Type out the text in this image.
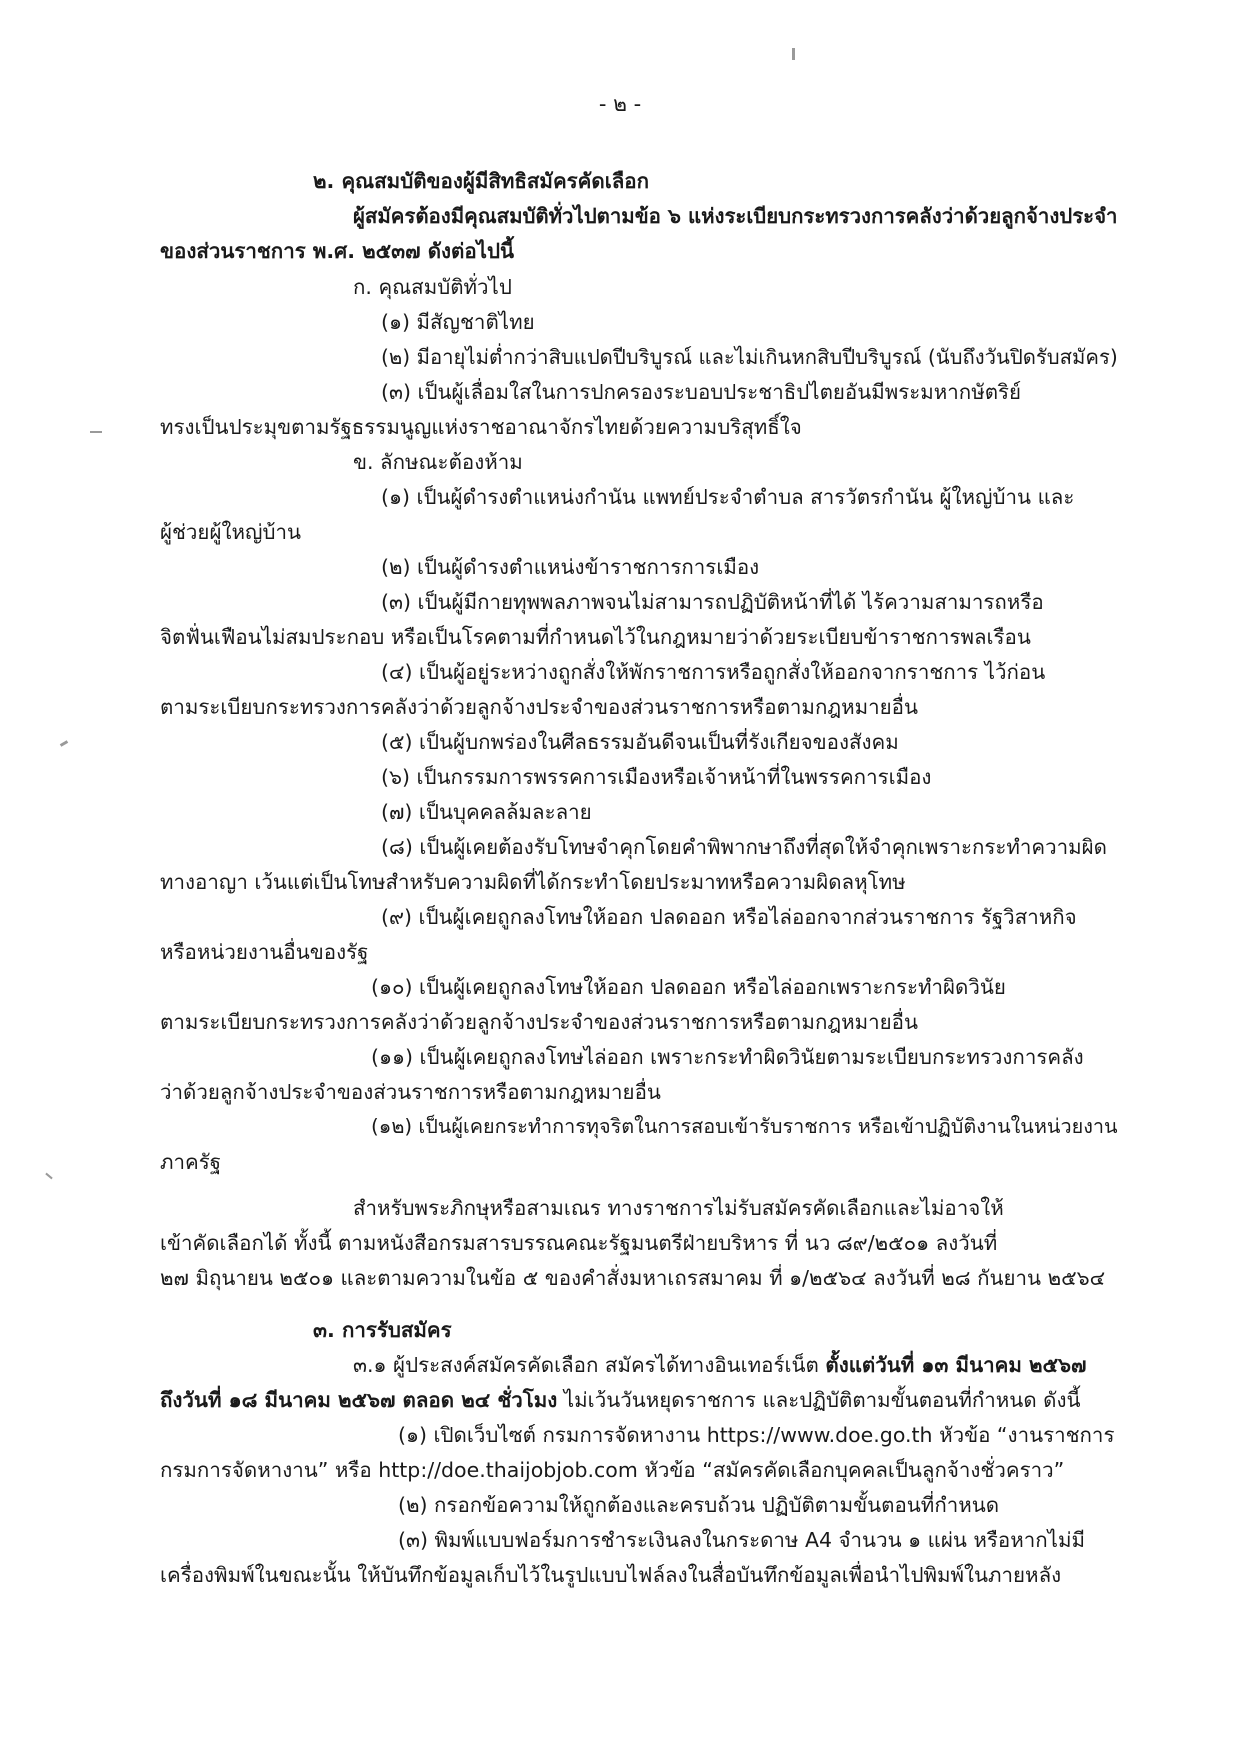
- ๒ -
๒. คุณสมบัติของผู้มีสิทธิสมัครคัดเลือก
ผู้สมัครต้องมีคุณสมบัติทั่วไปตามข้อ ๖ แห่งระเบียบกระทรวงการคลังว่าด้วยลูกจ้างประจำ
ของส่วนราชการ พ.ศ. ๒๕๓๗ ดังต่อไปนี้
ก. คุณสมบัติทั่วไป
(๑) มีสัญชาติไทย
(๒) มีอายุไม่ต่ำกว่าสิบแปดปีบริบูรณ์ และไม่เกินหกสิบปีบริบูรณ์ (นับถึงวันปิดรับสมัคร)
(๓) เป็นผู้เลื่อมใสในการปกครองระบอบประชาธิปไตยอันมีพระมหากษัตริย์
ทรงเป็นประมุขตามรัฐธรรมนูญแห่งราชอาณาจักรไทยด้วยความบริสุทธิ์ใจ
ข. ลักษณะต้องห้าม
(๑) เป็นผู้ดำรงตำแหน่งกำนัน แพทย์ประจำตำบล สารวัตรกำนัน ผู้ใหญ่บ้าน และ
ผู้ช่วยผู้ใหญ่บ้าน
(๒) เป็นผู้ดำรงตำแหน่งข้าราชการการเมือง
(๓) เป็นผู้มีกายทุพพลภาพจนไม่สามารถปฏิบัติหน้าที่ได้ ไร้ความสามารถหรือ
จิตฟั่นเฟือนไม่สมประกอบ หรือเป็นโรคตามที่กำหนดไว้ในกฎหมายว่าด้วยระเบียบข้าราชการพลเรือน
(๔) เป็นผู้อยู่ระหว่างถูกสั่งให้พักราชการหรือถูกสั่งให้ออกจากราชการ ไว้ก่อน
ตามระเบียบกระทรวงการคลังว่าด้วยลูกจ้างประจำของส่วนราชการหรือตามกฎหมายอื่น
(๕) เป็นผู้บกพร่องในศีลธรรมอันดีจนเป็นที่รังเกียจของสังคม
(๖) เป็นกรรมการพรรคการเมืองหรือเจ้าหน้าที่ในพรรคการเมือง
(๗) เป็นบุคคลล้มละลาย
(๘) เป็นผู้เคยต้องรับโทษจำคุกโดยคำพิพากษาถึงที่สุดให้จำคุกเพราะกระทำความผิด
ทางอาญา เว้นแต่เป็นโทษสำหรับความผิดที่ได้กระทำโดยประมาทหรือความผิดลหุโทษ
(๙) เป็นผู้เคยถูกลงโทษให้ออก ปลดออก หรือไล่ออกจากส่วนราชการ รัฐวิสาหกิจ
หรือหน่วยงานอื่นของรัฐ
(๑๐) เป็นผู้เคยถูกลงโทษให้ออก ปลดออก หรือไล่ออกเพราะกระทำผิดวินัย
ตามระเบียบกระทรวงการคลังว่าด้วยลูกจ้างประจำของส่วนราชการหรือตามกฎหมายอื่น
(๑๑) เป็นผู้เคยถูกลงโทษไล่ออก เพราะกระทำผิดวินัยตามระเบียบกระทรวงการคลัง
ว่าด้วยลูกจ้างประจำของส่วนราชการหรือตามกฎหมายอื่น
(๑๒) เป็นผู้เคยกระทำการทุจริตในการสอบเข้ารับราชการ หรือเข้าปฏิบัติงานในหน่วยงาน
ภาครัฐ
สำหรับพระภิกษุหรือสามเณร ทางราชการไม่รับสมัครคัดเลือกและไม่อาจให้
เข้าคัดเลือกได้ ทั้งนี้ ตามหนังสือกรมสารบรรณคณะรัฐมนตรีฝ่ายบริหาร ที่ นว ๘๙/๒๕๐๑ ลงวันที่
๒๗ มิถุนายน ๒๕๐๑ และตามความในข้อ ๕ ของคำสั่งมหาเถรสมาคม ที่ ๑/๒๕๖๔ ลงวันที่ ๒๘ กันยาน ๒๕๖๔
๓. การรับสมัคร
๓.๑ ผู้ประสงค์สมัครคัดเลือก สมัครได้ทางอินเทอร์เน็ต ตั้งแต่วันที่ ๑๓ มีนาคม ๒๕๖๗
ถึงวันที่ ๑๘ มีนาคม ๒๕๖๗ ตลอด ๒๔ ชั่วโมง ไม่เว้นวันหยุดราชการ และปฏิบัติตามขั้นตอนที่กำหนด ดังนี้
(๑) เปิดเว็บไซต์ กรมการจัดหางาน https://www.doe.go.th หัวข้อ “งานราชการ
กรมการจัดหางาน” หรือ http://doe.thaijobjob.com หัวข้อ “สมัครคัดเลือกบุคคลเป็นลูกจ้างชั่วคราว”
(๒) กรอกข้อความให้ถูกต้องและครบถ้วน ปฏิบัติตามขั้นตอนที่กำหนด
(๓) พิมพ์แบบฟอร์มการชำระเงินลงในกระดาษ A4 จำนวน ๑ แผ่น หรือหากไม่มี
เครื่องพิมพ์ในขณะนั้น ให้บันทึกข้อมูลเก็บไว้ในรูปแบบไฟล์ลงในสื่อบันทึกข้อมูลเพื่อนำไปพิมพ์ในภายหลัง
